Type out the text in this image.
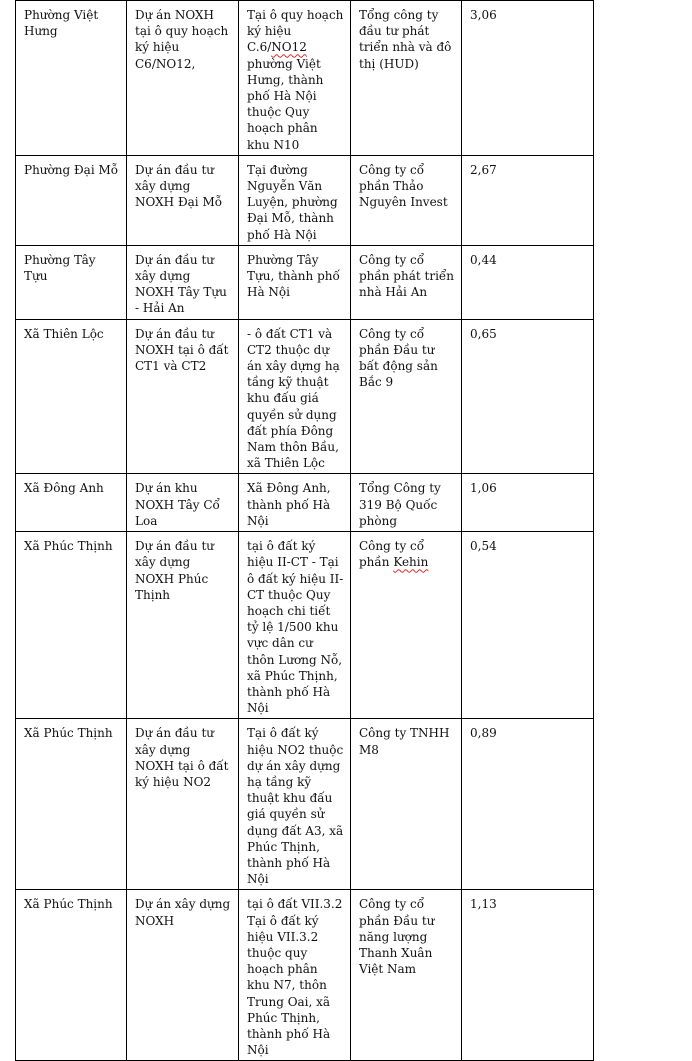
Phường Việt Hưng	Dự án NOXH tại ô quy hoạch ký hiệu C6/NO12,	Tại ô quy hoạch ký hiệu C.6/NO12 phường Việt Hưng, thành phố Hà Nội thuộc Quy hoạch phân khu N10	Tổng công ty đầu tư phát triển nhà và đô thị (HUD)	3,06
Phường Đại Mỗ	Dự án đầu tư xây dựng NOXH Đại Mỗ	Tại đường Nguyễn Văn Luyện, phường Đại Mỗ, thành phố Hà Nội	Công ty cổ phần Thảo Nguyên Invest	2,67
Phường Tây Tựu	Dự án đầu tư xây dựng NOXH Tây Tựu - Hải An	Phường Tây Tựu, thành phố Hà Nội	Công ty cổ phần phát triển nhà Hải An	0,44
Xã Thiên Lộc	Dự án đầu tư NOXH tại ô đất CT1 và CT2	- ô đất CT1 và CT2 thuộc dự án xây dựng hạ tầng kỹ thuật khu đấu giá quyền sử dụng đất phía Đông Nam thôn Bầu, xã Thiên Lộc	Công ty cổ phần Đầu tư bất động sản Bắc 9	0,65
Xã Đông Anh	Dự án khu NOXH Tây Cổ Loa	Xã Đông Anh, thành phố Hà Nội	Tổng Công ty 319 Bộ Quốc phòng	1,06
Xã Phúc Thịnh	Dự án đầu tư xây dựng NOXH Phúc Thịnh	tại ô đất ký hiệu II-CT - Tại ô đất ký hiệu II-CT thuộc Quy hoạch chi tiết tỷ lệ 1/500 khu vực dân cư thôn Lương Nỗ, xã Phúc Thịnh, thành phố Hà Nội	Công ty cổ phần Kehin	0,54
Xã Phúc Thịnh	Dự án đầu tư xây dựng NOXH tại ô đất ký hiệu NO2	Tại ô đất ký hiệu NO2 thuộc dự án xây dựng hạ tầng kỹ thuật khu đấu giá quyền sử dụng đất A3, xã Phúc Thịnh, thành phố Hà Nội	Công ty TNHH M8	0,89
Xã Phúc Thịnh	Dự án xây dựng NOXH	tại ô đất VII.3.2 Tại ô đất ký hiệu VII.3.2 thuộc quy hoạch phân khu N7, thôn Trung Oai, xã Phúc Thịnh, thành phố Hà Nội	Công ty cổ phần Đầu tư năng lượng Thanh Xuân Việt Nam	1,13
